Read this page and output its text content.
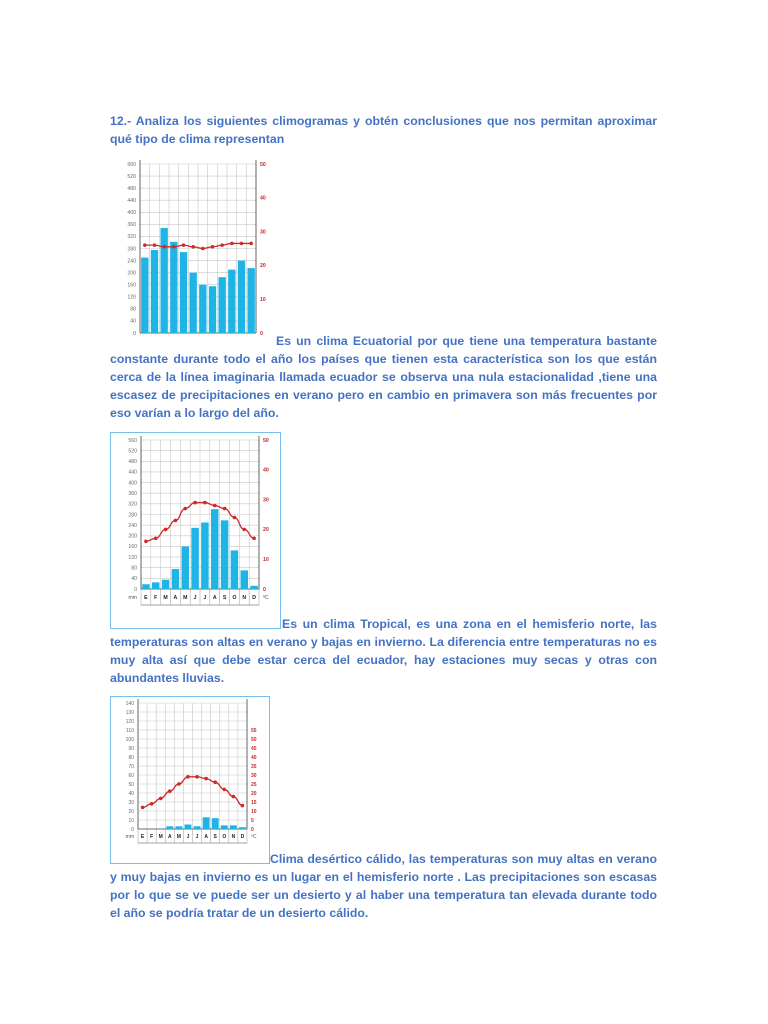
12.- Analiza los siguientes climogramas y obtén conclusiones que nos permitan aproximar qué tipo de clima representan

0
40
80
120
160
200
240
280
320
360
400
440
480
520
560
0
10
20
30
40
50

Es un clima Ecuatorial por que tiene una temperatura bastante constante durante todo el año los países que tienen esta característica son los que están cerca de la línea imaginaria llamada ecuador se observa una nula estacionalidad ,tiene una escasez de precipitaciones en verano pero en cambio en primavera son más frecuentes por eso varían a lo largo del año.

0
40
80
120
160
200
240
280
320
360
400
440
480
520
560
0
10
20
30
40
50
E F M A M J J A S O N D
mm	ºC

Es un clima Tropical, es una zona en el hemisferio norte, las temperaturas son altas en verano y bajas en invierno. La diferencia entre temperaturas no es muy alta así que debe estar cerca del ecuador, hay estaciones muy secas y otras con abundantes lluvias.

0
10
20
30
40
50
60
70
80
90
100
110
120
130
140
0
5
10
15
20
25
30
35
40
45
50
55
E F M A M J J A S O N D
mm	ºC

Clima desértico cálido, las temperaturas son muy altas en verano y muy bajas en invierno es un lugar en el hemisferio norte . Las precipitaciones son escasas por lo que se ve puede ser un desierto y al haber una temperatura tan elevada durante todo el año se podría tratar de un desierto cálido.
